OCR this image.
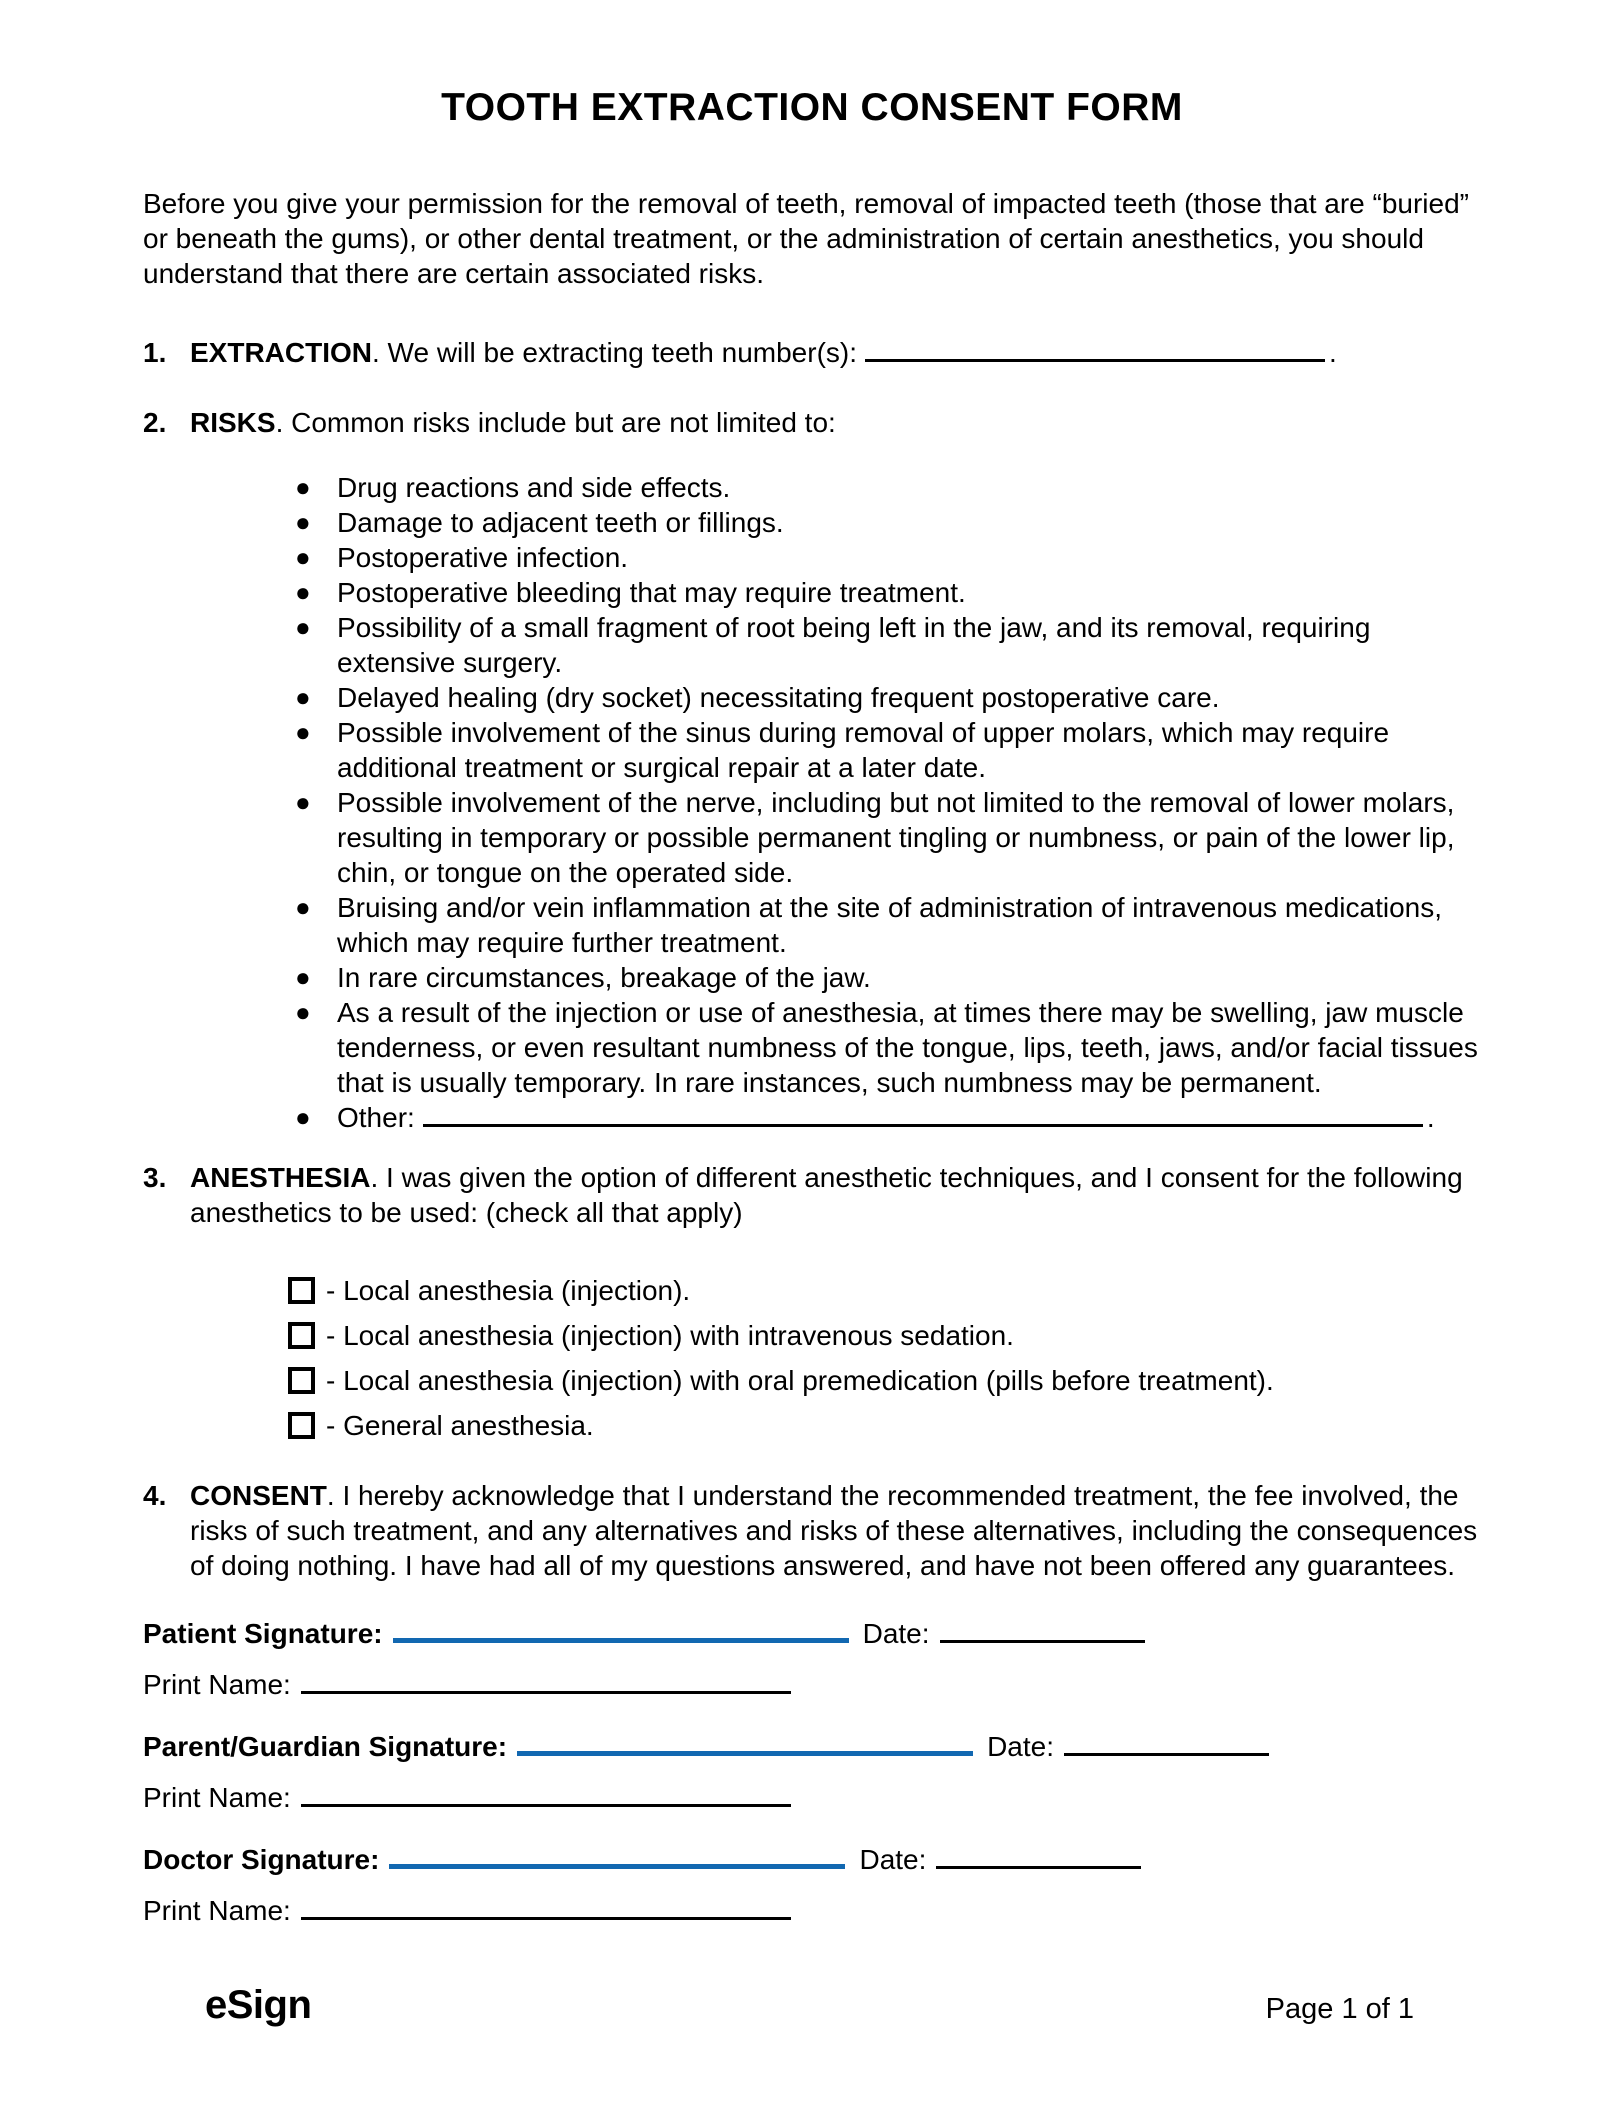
TOOTH EXTRACTION CONSENT FORM

Before you give your permission for the removal of teeth, removal of impacted teeth (those that are “buried” or beneath the gums), or other dental treatment, or the administration of certain anesthetics, you should understand that there are certain associated risks.

1. EXTRACTION. We will be extracting teeth number(s):	.
2. RISKS. Common risks include but are not limited to:
● Drug reactions and side effects.
● Damage to adjacent teeth or fillings.
● Postoperative infection.
● Postoperative bleeding that may require treatment.
● Possibility of a small fragment of root being left in the jaw, and its removal, requiring extensive surgery.
● Delayed healing (dry socket) necessitating frequent postoperative care.
● Possible involvement of the sinus during removal of upper molars, which may require additional treatment or surgical repair at a later date.
● Possible involvement of the nerve, including but not limited to the removal of lower molars, resulting in temporary or possible permanent tingling or numbness, or pain of the lower lip, chin, or tongue on the operated side.
● Bruising and/or vein inflammation at the site of administration of intravenous medications, which may require further treatment.
● In rare circumstances, breakage of the jaw.
● As a result of the injection or use of anesthesia, at times there may be swelling, jaw muscle tenderness, or even resultant numbness of the tongue, lips, teeth, jaws, and/or facial tissues that is usually temporary. In rare instances, such numbness may be permanent.
● Other:	.
3. ANESTHESIA. I was given the option of different anesthetic techniques, and I consent for the following anesthetics to be used: (check all that apply)
- Local anesthesia (injection).
- Local anesthesia (injection) with intravenous sedation.
- Local anesthesia (injection) with oral premedication (pills before treatment).
- General anesthesia.
4. CONSENT. I hereby acknowledge that I understand the recommended treatment, the fee involved, the risks of such treatment, and any alternatives and risks of these alternatives, including the consequences of doing nothing. I have had all of my questions answered, and have not been offered any guarantees.
Patient Signature:	Date:
Print Name:
Parent/Guardian Signature:	Date:
Print Name:
Doctor Signature:	Date:
Print Name:
eSign	Page 1 of 1
